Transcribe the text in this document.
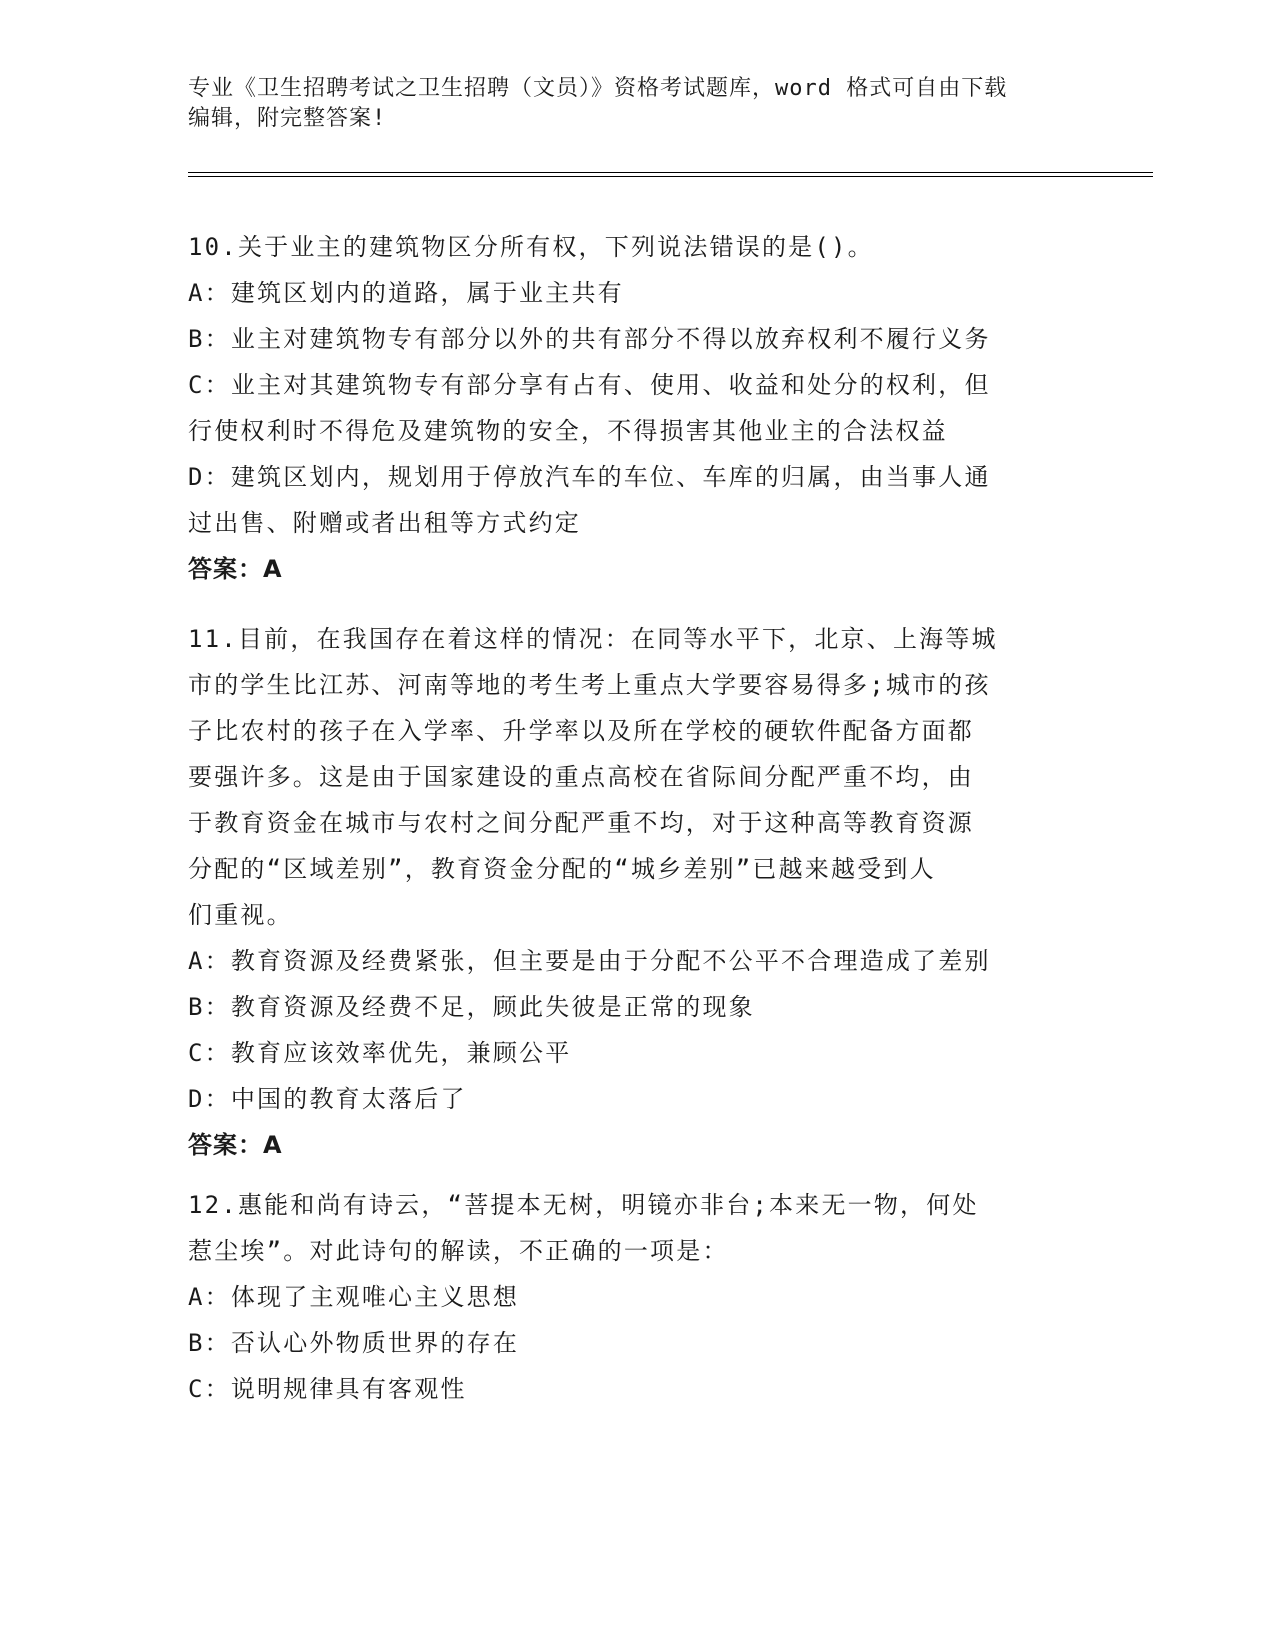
专业《卫生招聘考试之卫生招聘（文员）》资格考试题库，word 格式可自由下载
编辑，附完整答案!
10.关于业主的建筑物区分所有权，下列说法错误的是()。
A：建筑区划内的道路，属于业主共有
B：业主对建筑物专有部分以外的共有部分不得以放弃权利不履行义务
C：业主对其建筑物专有部分享有占有、使用、收益和处分的权利，但
行使权利时不得危及建筑物的安全，不得损害其他业主的合法权益
D：建筑区划内，规划用于停放汽车的车位、车库的归属，由当事人通
过出售、附赠或者出租等方式约定
答案：A
11.目前，在我国存在着这样的情况：在同等水平下，北京、上海等城
市的学生比江苏、河南等地的考生考上重点大学要容易得多;城市的孩
子比农村的孩子在入学率、升学率以及所在学校的硬软件配备方面都
要强许多。这是由于国家建设的重点高校在省际间分配严重不均，由
于教育资金在城市与农村之间分配严重不均，对于这种高等教育资源
分配的“区域差别”，教育资金分配的“城乡差别”已越来越受到人
们重视。
A：教育资源及经费紧张，但主要是由于分配不公平不合理造成了差别
B：教育资源及经费不足，顾此失彼是正常的现象
C：教育应该效率优先，兼顾公平
D：中国的教育太落后了
答案：A
12.惠能和尚有诗云，“菩提本无树，明镜亦非台;本来无一物，何处
惹尘埃”。对此诗句的解读，不正确的一项是：
A：体现了主观唯心主义思想
B：否认心外物质世界的存在
C：说明规律具有客观性
